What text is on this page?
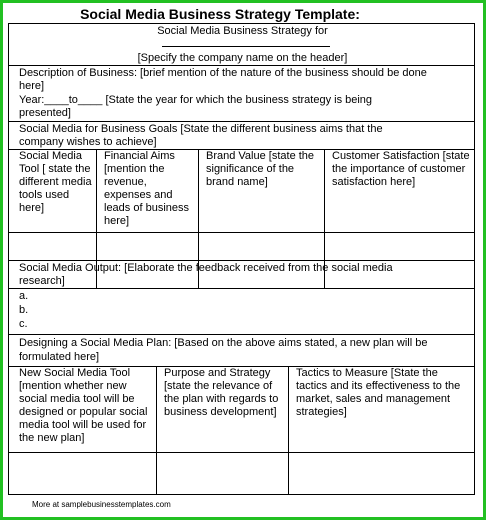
Social Media Business Strategy Template:
Social Media Business Strategy for
[Specify the company name on the header]
Description of Business: [brief mention of the nature of the business should be done
here]
Year:____to____ [State the year for which the business strategy is being
presented]
Social Media for Business Goals [State the different business aims that the
company wishes to achieve]
Social Media Tool [ state the different media tools used here]
Financial Aims [mention the revenue, expenses and leads of business here]
Brand Value [state the significance of the brand name]
Customer Satisfaction [state the importance of customer satisfaction here]
Social Media Output: [Elaborate the feedback received from the social media
research]
a.
b.
c.
Designing a Social Media Plan: [Based on the above aims stated, a new plan will be
formulated here]
New Social Media Tool [mention whether new social media tool will be designed or popular social media tool will be used for the new plan]
Purpose and Strategy [state the relevance of the plan with regards to business development]
Tactics to Measure [State the tactics and its effectiveness to the market, sales and management strategies]
More at samplebusinesstemplates.com
